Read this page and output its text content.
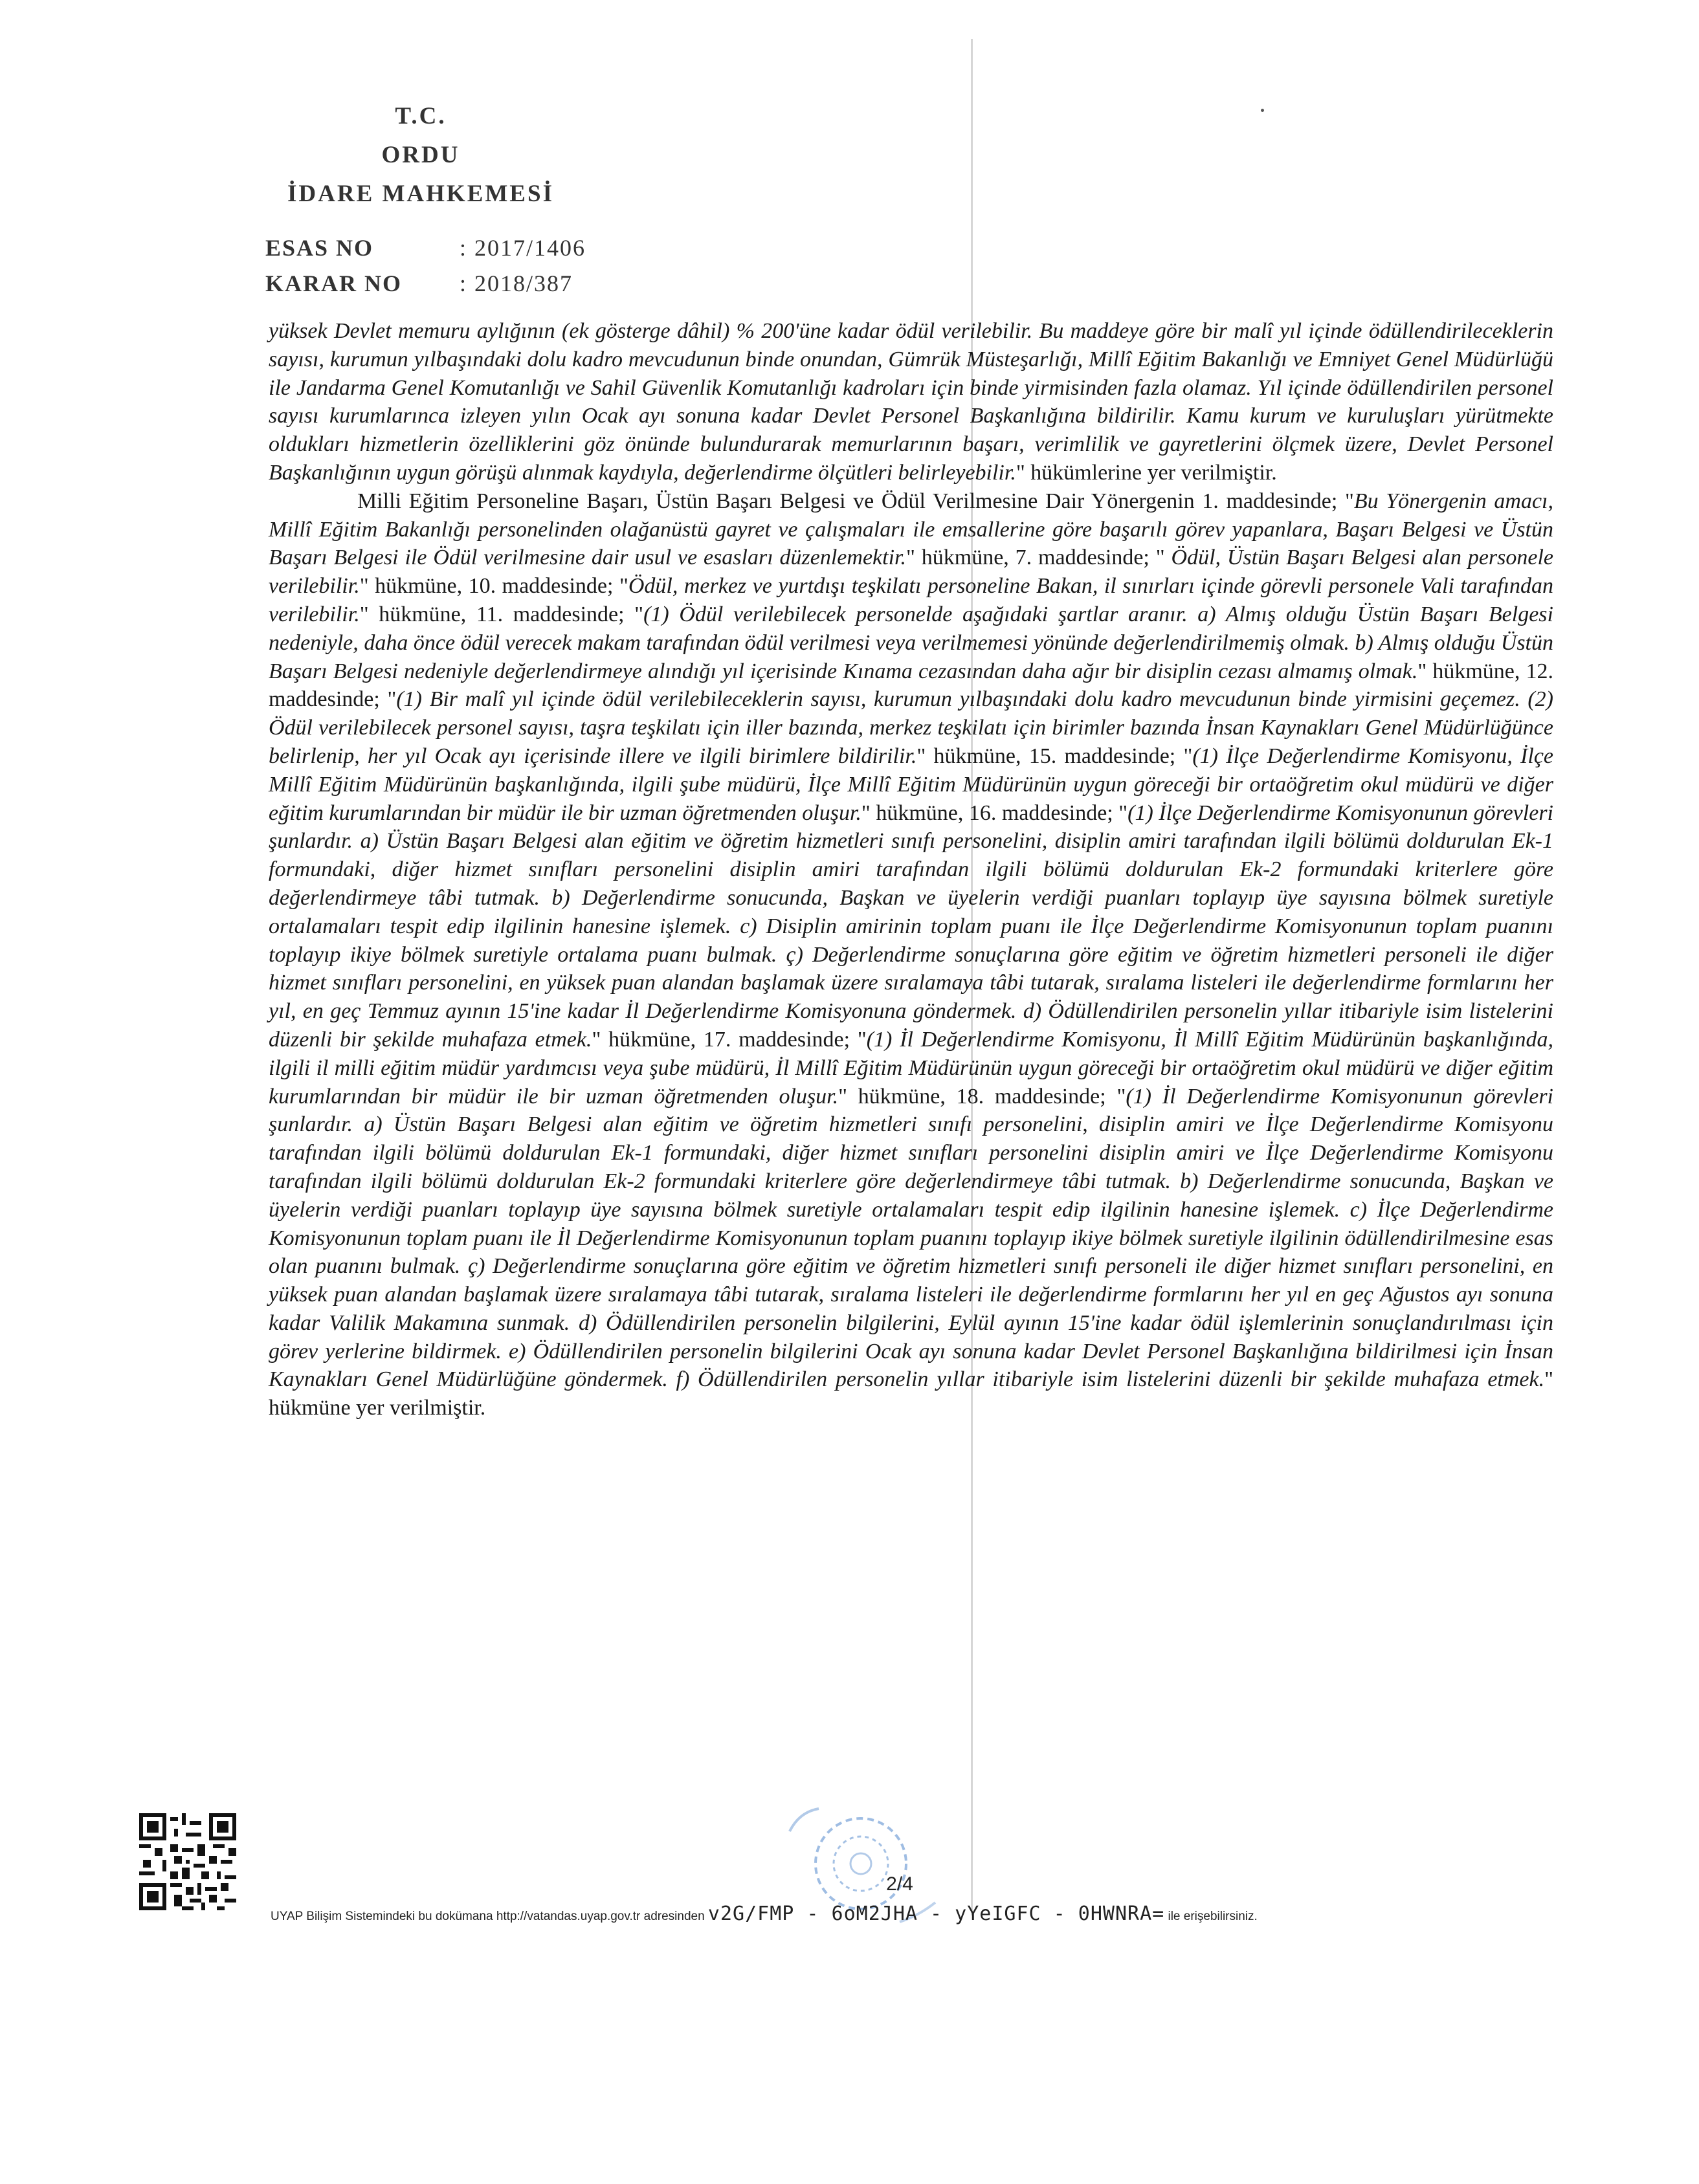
T.C.
ORDU
İDARE MAHKEMESİ
ESAS NO	: 2017/1406
KARAR NO	: 2018/387

yüksek Devlet memuru aylığının (ek gösterge dâhil) % 200'üne kadar ödül verilebilir. Bu maddeye göre bir malî yıl içinde ödüllendirileceklerin sayısı, kurumun yılbaşındaki dolu kadro mevcudunun binde onundan, Gümrük Müsteşarlığı, Millî Eğitim Bakanlığı ve Emniyet Genel Müdürlüğü ile Jandarma Genel Komutanlığı ve Sahil Güvenlik Komutanlığı kadroları için binde yirmisinden fazla olamaz. Yıl içinde ödüllendirilen personel sayısı kurumlarınca izleyen yılın Ocak ayı sonuna kadar Devlet Personel Başkanlığına bildirilir. Kamu kurum ve kuruluşları yürütmekte oldukları hizmetlerin özelliklerini göz önünde bulundurarak memurlarının başarı, verimlilik ve gayretlerini ölçmek üzere, Devlet Personel Başkanlığının uygun görüşü alınmak kaydıyla, değerlendirme ölçütleri belirleyebilir." hükümlerine yer verilmiştir.

Milli Eğitim Personeline Başarı, Üstün Başarı Belgesi ve Ödül Verilmesine Dair Yönergenin 1. maddesinde; "Bu Yönergenin amacı, Millî Eğitim Bakanlığı personelinden olağanüstü gayret ve çalışmaları ile emsallerine göre başarılı görev yapanlara, Başarı Belgesi ve Üstün Başarı Belgesi ile Ödül verilmesine dair usul ve esasları düzenlemektir." hükmüne, 7. maddesinde; " Ödül, Üstün Başarı Belgesi alan personele verilebilir." hükmüne, 10. maddesinde; "Ödül, merkez ve yurtdışı teşkilatı personeline Bakan, il sınırları içinde görevli personele Vali tarafından verilebilir." hükmüne, 11. maddesinde; "(1) Ödül verilebilecek personelde aşağıdaki şartlar aranır. a) Almış olduğu Üstün Başarı Belgesi nedeniyle, daha önce ödül verecek makam tarafından ödül verilmesi veya verilmemesi yönünde değerlendirilmemiş olmak. b) Almış olduğu Üstün Başarı Belgesi nedeniyle değerlendirmeye alındığı yıl içerisinde Kınama cezasından daha ağır bir disiplin cezası almamış olmak." hükmüne, 12. maddesinde; "(1) Bir malî yıl içinde ödül verilebileceklerin sayısı, kurumun yılbaşındaki dolu kadro mevcudunun binde yirmisini geçemez. (2) Ödül verilebilecek personel sayısı, taşra teşkilatı için iller bazında, merkez teşkilatı için birimler bazında İnsan Kaynakları Genel Müdürlüğünce belirlenip, her yıl Ocak ayı içerisinde illere ve ilgili birimlere bildirilir." hükmüne, 15. maddesinde; "(1) İlçe Değerlendirme Komisyonu, İlçe Millî Eğitim Müdürünün başkanlığında, ilgili şube müdürü, İlçe Millî Eğitim Müdürünün uygun göreceği bir ortaöğretim okul müdürü ve diğer eğitim kurumlarından bir müdür ile bir uzman öğretmenden oluşur." hükmüne, 16. maddesinde; "(1) İlçe Değerlendirme Komisyonunun görevleri şunlardır. a) Üstün Başarı Belgesi alan eğitim ve öğretim hizmetleri sınıfı personelini, disiplin amiri tarafından ilgili bölümü doldurulan Ek-1 formundaki, diğer hizmet sınıfları personelini disiplin amiri tarafından ilgili bölümü doldurulan Ek-2 formundaki kriterlere göre değerlendirmeye tâbi tutmak. b) Değerlendirme sonucunda, Başkan ve üyelerin verdiği puanları toplayıp üye sayısına bölmek suretiyle ortalamaları tespit edip ilgilinin hanesine işlemek. c) Disiplin amirinin toplam puanı ile İlçe Değerlendirme Komisyonunun toplam puanını toplayıp ikiye bölmek suretiyle ortalama puanı bulmak. ç) Değerlendirme sonuçlarına göre eğitim ve öğretim hizmetleri personeli ile diğer hizmet sınıfları personelini, en yüksek puan alandan başlamak üzere sıralamaya tâbi tutarak, sıralama listeleri ile değerlendirme formlarını her yıl, en geç Temmuz ayının 15'ine kadar İl Değerlendirme Komisyonuna göndermek. d) Ödüllendirilen personelin yıllar itibariyle isim listelerini düzenli bir şekilde muhafaza etmek." hükmüne, 17. maddesinde; "(1) İl Değerlendirme Komisyonu, İl Millî Eğitim Müdürünün başkanlığında, ilgili il milli eğitim müdür yardımcısı veya şube müdürü, İl Millî Eğitim Müdürünün uygun göreceği bir ortaöğretim okul müdürü ve diğer eğitim kurumlarından bir müdür ile bir uzman öğretmenden oluşur." hükmüne, 18. maddesinde; "(1) İl Değerlendirme Komisyonunun görevleri şunlardır. a) Üstün Başarı Belgesi alan eğitim ve öğretim hizmetleri sınıfı personelini, disiplin amiri ve İlçe Değerlendirme Komisyonu tarafından ilgili bölümü doldurulan Ek-1 formundaki, diğer hizmet sınıfları personelini disiplin amiri ve İlçe Değerlendirme Komisyonu tarafından ilgili bölümü doldurulan Ek-2 formundaki kriterlere göre değerlendirmeye tâbi tutmak. b) Değerlendirme sonucunda, Başkan ve üyelerin verdiği puanları toplayıp üye sayısına bölmek suretiyle ortalamaları tespit edip ilgilinin hanesine işlemek. c) İlçe Değerlendirme Komisyonunun toplam puanı ile İl Değerlendirme Komisyonunun toplam puanını toplayıp ikiye bölmek suretiyle ilgilinin ödüllendirilmesine esas olan puanını bulmak. ç) Değerlendirme sonuçlarına göre eğitim ve öğretim hizmetleri sınıfı personeli ile diğer hizmet sınıfları personelini, en yüksek puan alandan başlamak üzere sıralamaya tâbi tutarak, sıralama listeleri ile değerlendirme formlarını her yıl en geç Ağustos ayı sonuna kadar Valilik Makamına sunmak. d) Ödüllendirilen personelin bilgilerini, Eylül ayının 15'ine kadar ödül işlemlerinin sonuçlandırılması için görev yerlerine bildirmek. e) Ödüllendirilen personelin bilgilerini Ocak ayı sonuna kadar Devlet Personel Başkanlığına bildirilmesi için İnsan Kaynakları Genel Müdürlüğüne göndermek. f) Ödüllendirilen personelin yıllar itibariyle isim listelerini düzenli bir şekilde muhafaza etmek." hükmüne yer verilmiştir.

2/4
UYAP Bilişim Sistemindeki bu dokümana http://vatandas.uyap.gov.tr adresinden v2G/FMP - 6oM2JHA - yYeIGFC - 0HWNRA= ile erişebilirsiniz.
